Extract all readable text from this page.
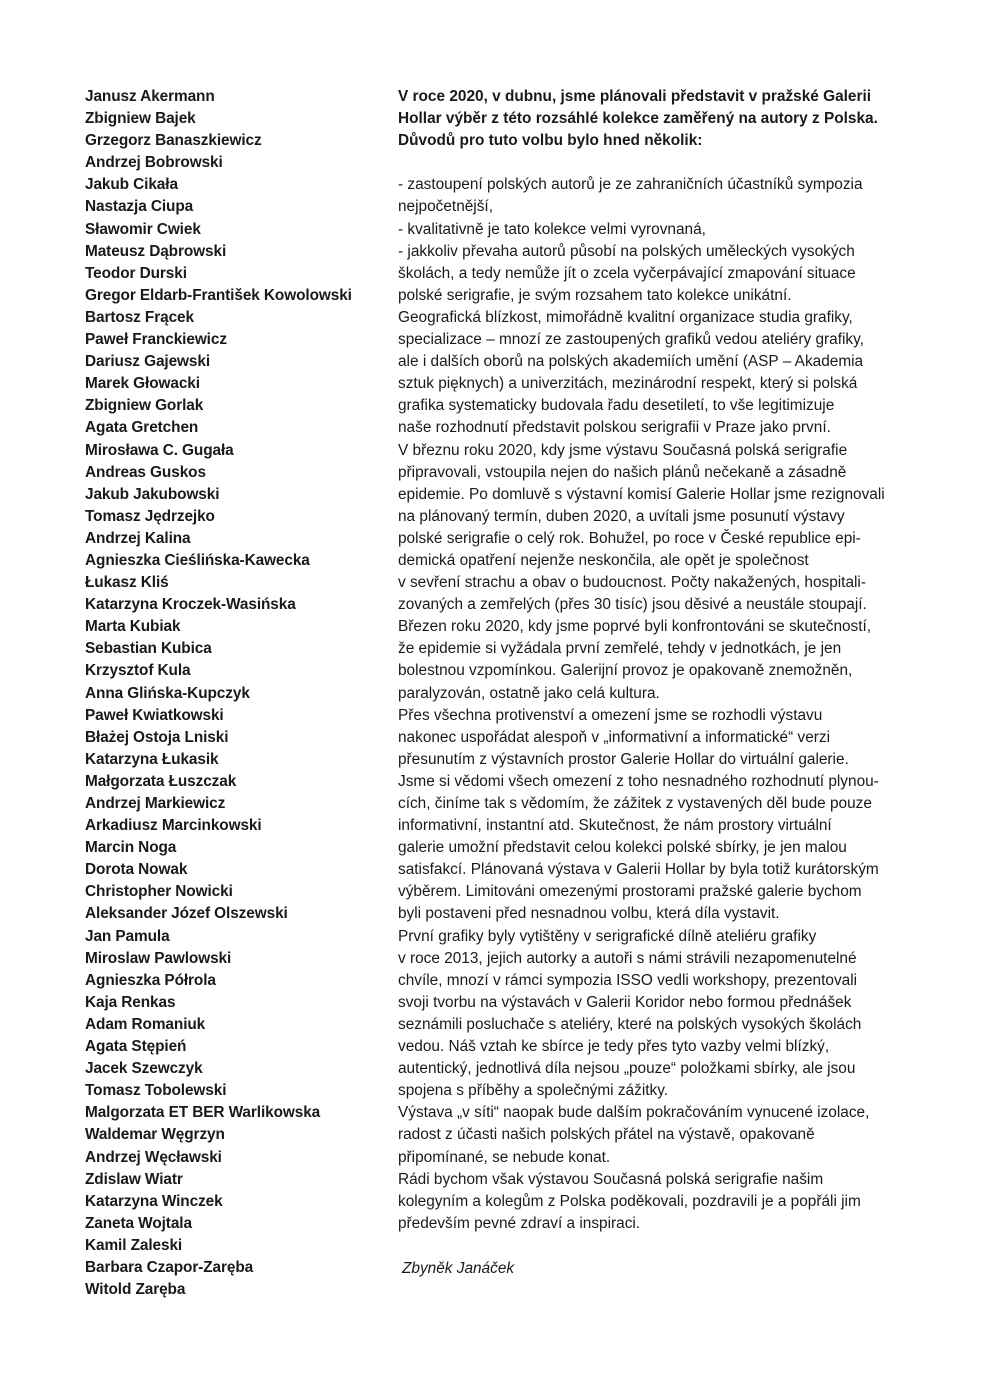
Janusz Akermann
Zbigniew Bajek
Grzegorz Banaszkiewicz
Andrzej Bobrowski
Jakub Cikała
Nastazja Ciupa
Sławomir Cwiek
Mateusz Dąbrowski
Teodor Durski
Gregor Eldarb-František Kowolowski
Bartosz Frącek
Paweł Franckiewicz
Dariusz Gajewski
Marek Głowacki
Zbigniew Gorlak
Agata Gretchen
Mirosława C. Gugała
Andreas Guskos
Jakub Jakubowski
Tomasz Jędrzejko
Andrzej Kalina
Agnieszka Cieślińska-Kawecka
Łukasz Kliś
Katarzyna Kroczek-Wasińska
Marta Kubiak
Sebastian Kubica
Krzysztof Kula
Anna Glińska-Kupczyk
Paweł Kwiatkowski
Błażej Ostoja Lniski
Katarzyna Łukasik
Małgorzata Łuszczak
Andrzej Markiewicz
Arkadiusz Marcinkowski
Marcin Noga
Dorota Nowak
Christopher Nowicki
Aleksander Józef Olszewski
Jan Pamula
Miroslaw Pawlowski
Agnieszka Półrola
Kaja Renkas
Adam Romaniuk
Agata Stępień
Jacek Szewczyk
Tomasz Tobolewski
Malgorzata ET BER Warlikowska
Waldemar Węgrzyn
Andrzej Węcławski
Zdislaw Wiatr
Katarzyna Winczek
Zaneta Wojtala
Kamil Zaleski
Barbara Czapor-Zaręba
Witold Zaręba

V roce 2020, v dubnu, jsme plánovali představit v pražské Galerii

Hollar výběr z této rozsáhlé kolekce zaměřený na autory z Polska.

Důvodů pro tuto volbu bylo hned několik:

- zastoupení polských autorů je ze zahraničních účastníků sympozia

nejpočetnější,

- kvalitativně je tato kolekce velmi vyrovnaná,

- jakkoliv převaha autorů působí na polských uměleckých vysokých

školách, a tedy nemůže jít o zcela vyčerpávající zmapování situace

polské serigrafie, je svým rozsahem tato kolekce unikátní.

Geografická blízkost, mimořádně kvalitní organizace studia grafiky,

specializace – mnozí ze zastoupených grafiků vedou ateliéry grafiky,

ale i dalších oborů na polských akademiích umění (ASP – Akademia

sztuk pięknych) a univerzitách, mezinárodní respekt, který si polská

grafika systematicky budovala řadu desetiletí, to vše legitimizuje

naše rozhodnutí představit polskou serigrafii v Praze jako první.

V březnu roku 2020, kdy jsme výstavu Současná polská serigrafie

připravovali, vstoupila nejen do našich plánů nečekaně a zásadně

epidemie. Po domluvě s výstavní komisí Galerie Hollar jsme rezignovali

na plánovaný termín, duben 2020, a uvítali jsme posunutí výstavy

polské serigrafie o celý rok. Bohužel, po roce v České republice epi-

demická opatření nejenže neskončila, ale opět je společnost

v sevření strachu a obav o budoucnost. Počty nakažených, hospitali-

zovaných a zemřelých (přes 30 tisíc) jsou děsivé a neustále stoupají.

Březen roku 2020, kdy jsme poprvé byli konfrontováni se skutečností,

že epidemie si vyžádala první zemřelé, tehdy v jednotkách, je jen

bolestnou vzpomínkou. Galerijní provoz je opakovaně znemožněn,

paralyzován, ostatně jako celá kultura.

Přes všechna protivenství a omezení jsme se rozhodli výstavu

nakonec uspořádat alespoň v „informativní a informatické“ verzi

přesunutím z výstavních prostor Galerie Hollar do virtuální galerie.

Jsme si vědomi všech omezení z toho nesnadného rozhodnutí plynou-

cích, činíme tak s vědomím, že zážitek z vystavených děl bude pouze

informativní, instantní atd. Skutečnost, že nám prostory virtuální

galerie umožní představit celou kolekci polské sbírky, je jen malou

satisfakcí. Plánovaná výstava v Galerii Hollar by byla totiž kurátorským

výběrem. Limitováni omezenými prostorami pražské galerie bychom

byli postaveni před nesnadnou volbu, která díla vystavit.

První grafiky byly vytištěny v serigrafické dílně ateliéru grafiky

v roce 2013, jejich autorky a autoři s námi strávili nezapomenutelné

chvíle, mnozí v rámci sympozia ISSO vedli workshopy, prezentovali

svoji tvorbu na výstavách v Galerii Koridor nebo formou přednášek

seznámili posluchače s ateliéry, které na polských vysokých školách

vedou. Náš vztah ke sbírce je tedy přes tyto vazby velmi blízký,

autentický, jednotlivá díla nejsou „pouze“ položkami sbírky, ale jsou

spojena s příběhy a společnými zážitky.

Výstava „v síti“ naopak bude dalším pokračováním vynucené izolace,

radost z účasti našich polských přátel na výstavě, opakovaně

připomínané, se nebude konat.

Rádi bychom však výstavou Současná polská serigrafie našim

kolegyním a kolegům z Polska poděkovali, pozdravili je a popřáli jim

především pevné zdraví a inspiraci.

Zbyněk Janáček
